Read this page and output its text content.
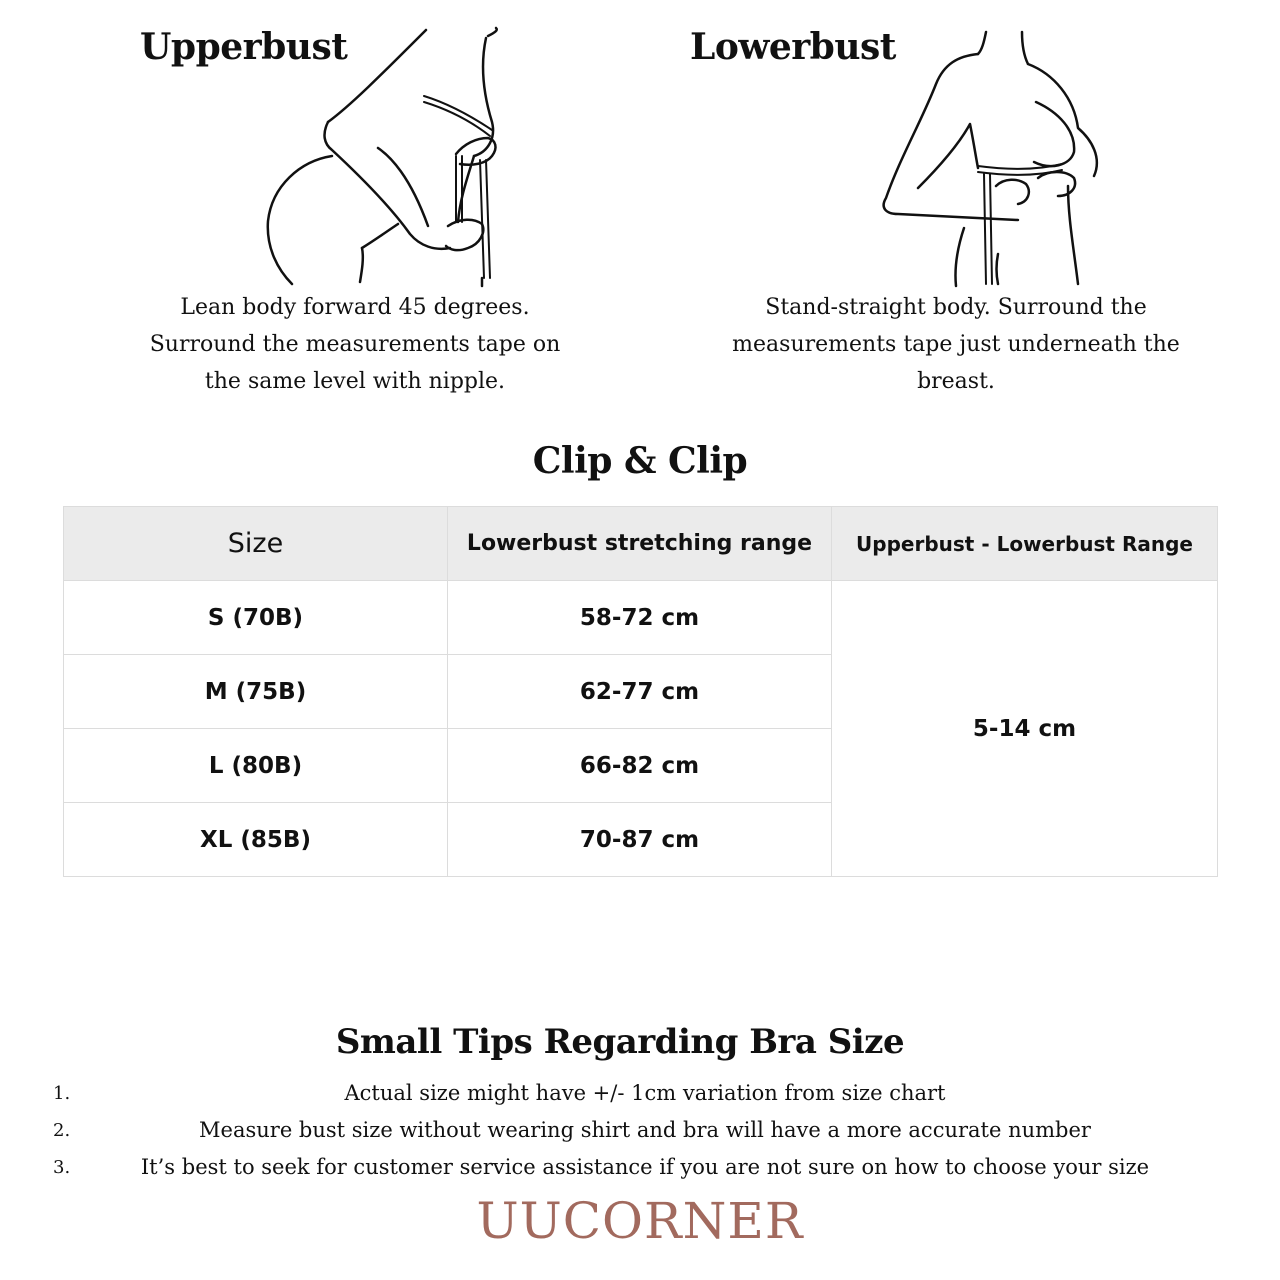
Upperbust
Lean body forward 45 degrees.
Surround the measurements tape on
the same level with nipple.
Lowerbust
Stand-straight body. Surround the
measurements tape just underneath the
breast.
Clip & Clip
Size	Lowerbust stretching range	Upperbust - Lowerbust Range
S (70B)	58-72 cm	5-14 cm
M (75B)	62-77 cm	
L (80B)	66-82 cm	
XL (85B)	70-87 cm	
Small Tips Regarding Bra Size
1.	Actual size might have +/- 1cm variation from size chart
2.	Measure bust size without wearing shirt and bra will have a more accurate number
3.	It’s best to seek for customer service assistance if you are not sure on how to choose your size
UUCORNER
